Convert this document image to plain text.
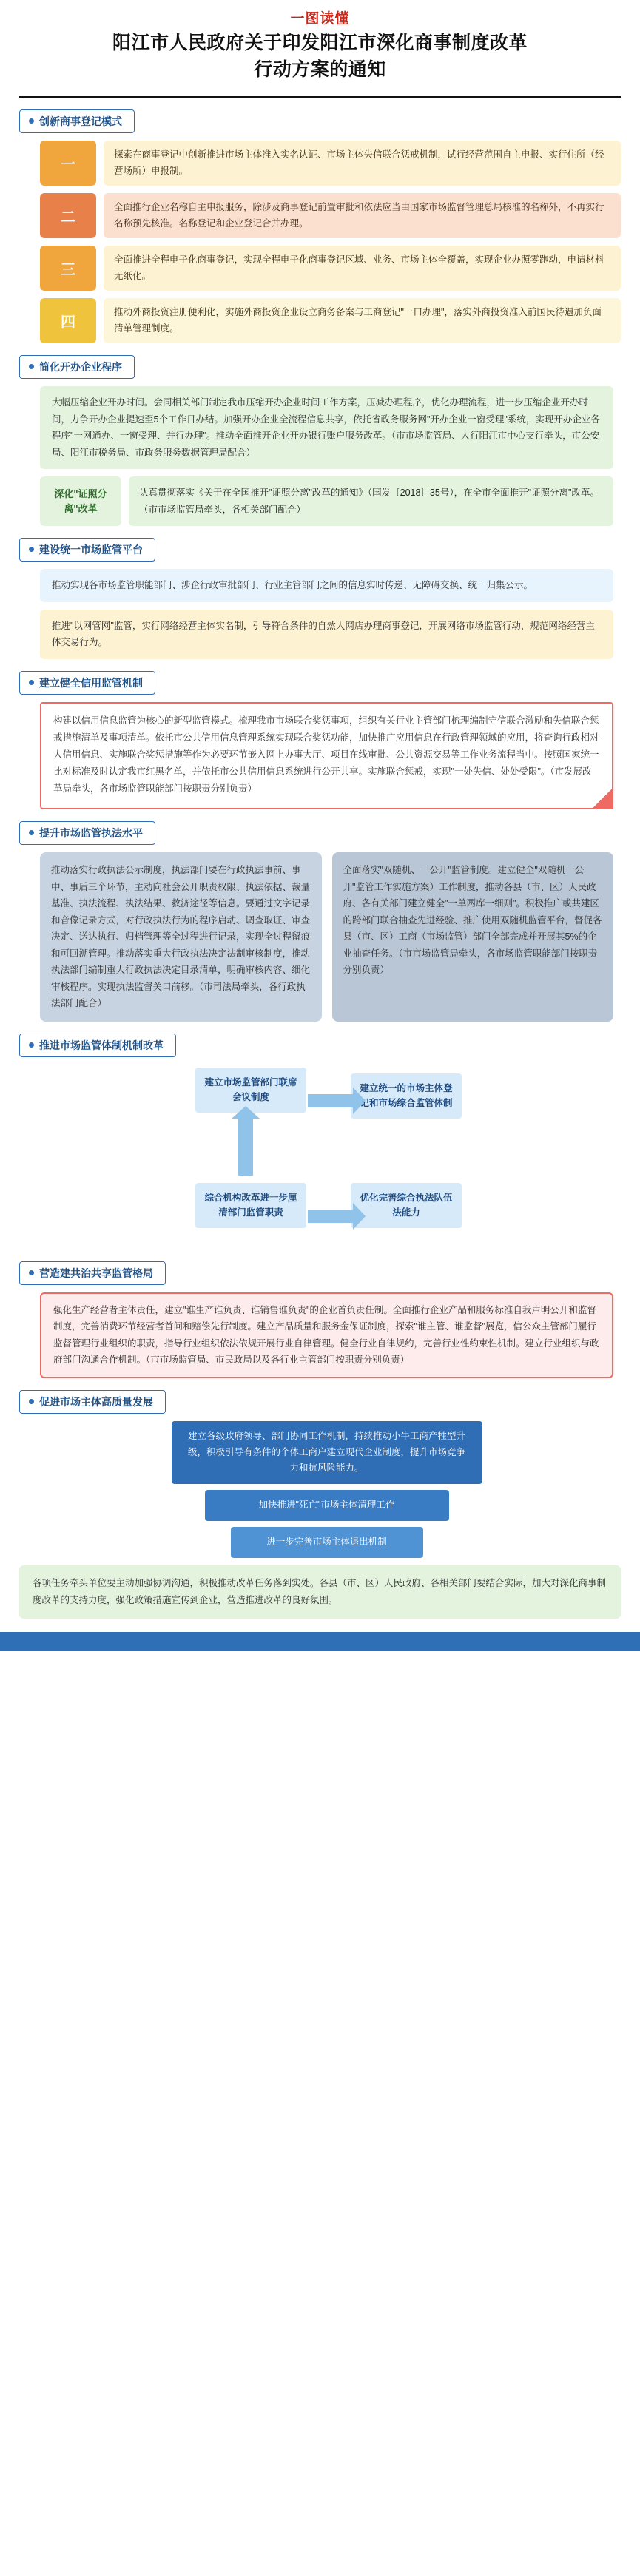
一图读懂
阳江市人民政府关于印发阳江市深化商事制度改革
行动方案的通知
创新商事登记模式
一
探索在商事登记中创新推进市场主体准入实名认证、市场主体失信联合惩戒机制，试行经营范围自主申报、实行住所（经营场所）申报制。
二
全面推行企业名称自主申报服务，除涉及商事登记前置审批和依法应当由国家市场监督管理总局核准的名称外，不再实行名称预先核准。名称登记和企业登记合并办理。
三
全面推进全程电子化商事登记，实现全程电子化商事登记区域、业务、市场主体全覆盖，实现企业办照零跑动，申请材料无纸化。
四
推动外商投资注册便利化，实施外商投资企业设立商务备案与工商登记"一口办理"，落实外商投资准入前国民待遇加负面清单管理制度。
简化开办企业程序
大幅压缩企业开办时间。会同相关部门制定我市压缩开办企业时间工作方案，压减办理程序，优化办理流程，进一步压缩企业开办时间，力争开办企业提速至5个工作日办结。加强开办企业全流程信息共享，依托省政务服务网"开办企业一窗受理"系统，实现开办企业各程序"一网通办、一窗受理、并行办理"。推动全面推开企业开办银行账户服务改革。（市市场监管局、人行阳江市中心支行牵头，市公安局、阳江市税务局、市政务服务数据管理局配合）
深化"证照分离"改革
认真贯彻落实《关于在全国推开"证照分离"改革的通知》（国发〔2018〕35号），在全市全面推开"证照分离"改革。（市市场监管局牵头，各相关部门配合）
建设统一市场监管平台
推动实现各市场监管职能部门、涉企行政审批部门、行业主管部门之间的信息实时传递、无障碍交换、统一归集公示。
推进"以网管网"监管，实行网络经营主体实名制，引导符合条件的自然人网店办理商事登记，开展网络市场监管行动，规范网络经营主体交易行为。
建立健全信用监管机制
构建以信用信息监管为核心的新型监管模式。梳理我市市场联合奖惩事项，组织有关行业主管部门梳理编制守信联合激励和失信联合惩戒措施清单及事项清单。依托市公共信用信息管理系统实现联合奖惩功能，加快推广应用信息在行政管理领域的应用，将查询行政相对人信用信息、实施联合奖惩措施等作为必要环节嵌入网上办事大厅、项目在线审批、公共资源交易等工作业务流程当中。按照国家统一比对标准及时认定我市红黑名单，并依托市公共信用信息系统进行公开共享。实施联合惩戒，实现"一处失信、处处受限"。（市发展改革局牵头，各市场监管职能部门按职责分别负责）
提升市场监管执法水平
推动落实行政执法公示制度，执法部门要在行政执法事前、事中、事后三个环节，主动向社会公开职责权限、执法依据、裁量基准、执法流程、执法结果、救济途径等信息。要通过文字记录和音像记录方式，对行政执法行为的程序启动、调查取证、审查决定、送达执行、归档管理等全过程进行记录，实现全过程留痕和可回溯管理。推动落实重大行政执法决定法制审核制度，推动执法部门编制重大行政执法决定目录清单，明确审核内容、细化审核程序。实现执法监督关口前移。（市司法局牵头，各行政执法部门配合）
全面落实"双随机、一公开"监管制度。建立健全"双随机一公开"监管工作实施方案）工作制度，推动各县（市、区）人民政府、各有关部门建立健全"一单两库一细则"。积极推广或共建区的跨部门联合抽查先进经验、推广使用双随机监管平台，督促各县（市、区）工商（市场监管）部门全部完成并开展其5%的企业抽查任务。（市市场监管局牵头，各市场监管职能部门按职责分别负责）
推进市场监管体制机制改革
建立市场监管部门联席会议制度
建立统一的市场主体登记和市场综合监管体制
综合机构改革进一步厘清部门监管职责
优化完善综合执法队伍法能力
营造建共治共享监管格局
强化生产经营者主体责任，建立"谁生产谁负责、谁销售谁负责"的企业首负责任制。全面推行企业产品和服务标准自我声明公开和监督制度，完善消费环节经营者首问和赔偿先行制度。建立产品质量和服务金保证制度，探索"谁主管、谁监督"展览，信公众主管部门履行监督管理行业组织的职责，指导行业组织依法依规开展行业自律管理。健全行业自律规约，完善行业性约束性机制。建立行业组织与政府部门沟通合作机制。（市市场监管局、市民政局以及各行业主管部门按职责分别负责）
促进市场主体高质量发展
建立各级政府领导、部门协同工作机制，持续推动小牛工商产牲型升级，积极引导有条件的个体工商户建立现代企业制度，提升市场竞争力和抗风险能力。
加快推进"死亡"市场主体清理工作
进一步完善市场主体退出机制
各项任务牵头单位要主动加强协调沟通，积极推动改革任务落到实处。各县（市、区）人民政府、各相关部门要结合实际，加大对深化商事制度改革的支持力度，强化政策措施宣传到企业，营造推进改革的良好氛围。
